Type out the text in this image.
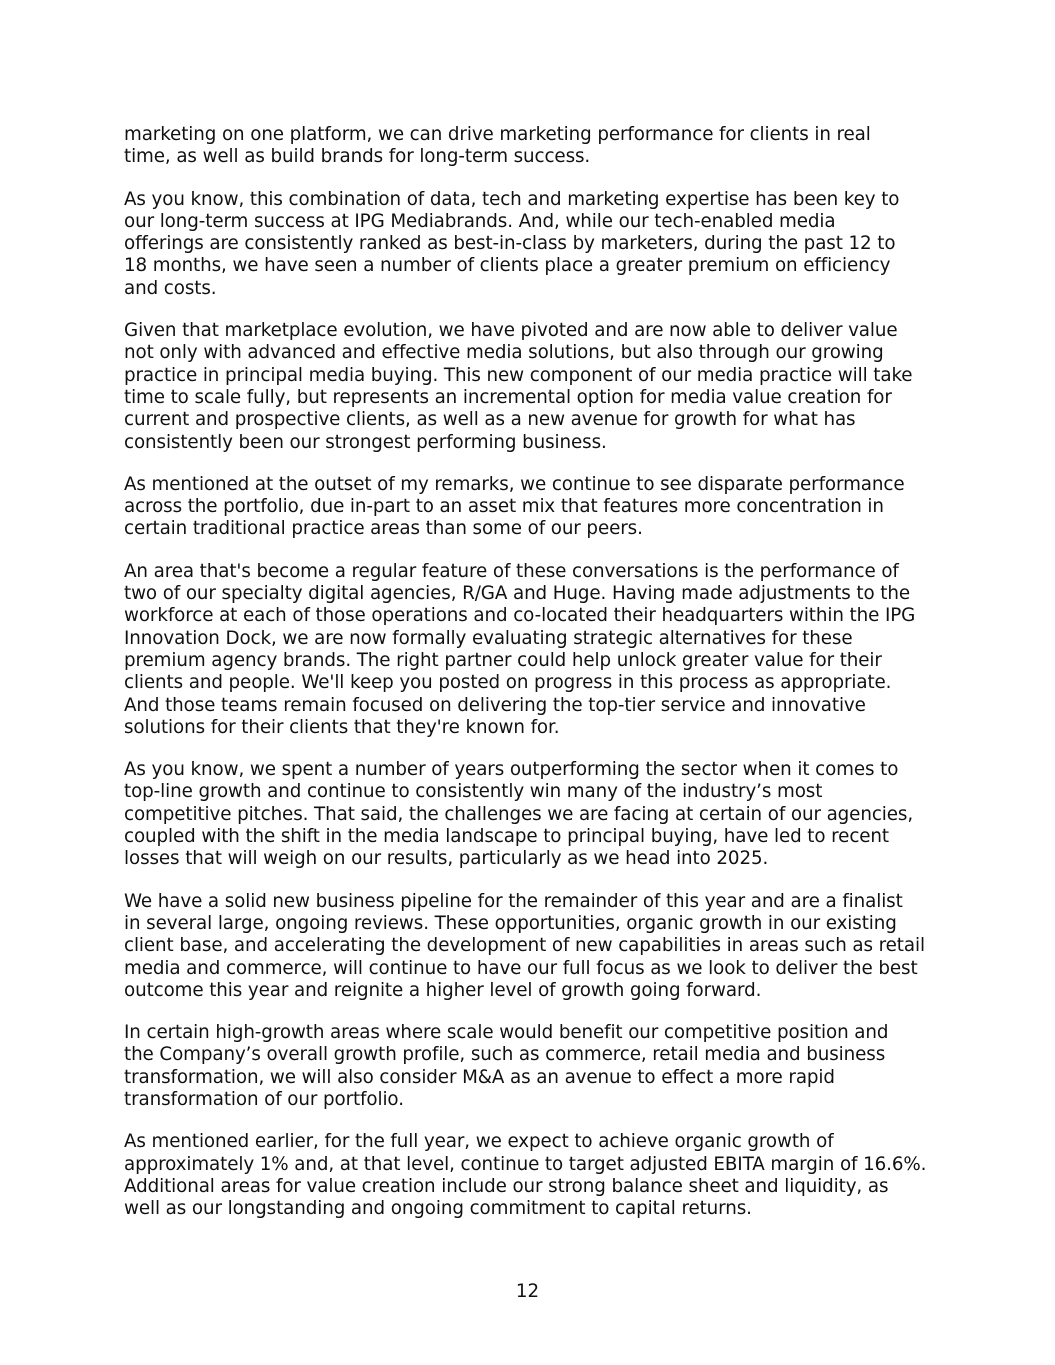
marketing on one platform, we can drive marketing performance for clients in real
time, as well as build brands for long-term success.

As you know, this combination of data, tech and marketing expertise has been key to
our long-term success at IPG Mediabrands. And, while our tech-enabled media
offerings are consistently ranked as best-in-class by marketers, during the past 12 to
18 months, we have seen a number of clients place a greater premium on efficiency
and costs.

Given that marketplace evolution, we have pivoted and are now able to deliver value
not only with advanced and effective media solutions, but also through our growing
practice in principal media buying. This new component of our media practice will take
time to scale fully, but represents an incremental option for media value creation for
current and prospective clients, as well as a new avenue for growth for what has
consistently been our strongest performing business.

As mentioned at the outset of my remarks, we continue to see disparate performance
across the portfolio, due in-part to an asset mix that features more concentration in
certain traditional practice areas than some of our peers.

An area that's become a regular feature of these conversations is the performance of
two of our specialty digital agencies, R/GA and Huge. Having made adjustments to the
workforce at each of those operations and co-located their headquarters within the IPG
Innovation Dock, we are now formally evaluating strategic alternatives for these
premium agency brands. The right partner could help unlock greater value for their
clients and people. We'll keep you posted on progress in this process as appropriate.
And those teams remain focused on delivering the top-tier service and innovative
solutions for their clients that they're known for.

As you know, we spent a number of years outperforming the sector when it comes to
top-line growth and continue to consistently win many of the industry’s most
competitive pitches. That said, the challenges we are facing at certain of our agencies,
coupled with the shift in the media landscape to principal buying, have led to recent
losses that will weigh on our results, particularly as we head into 2025.

We have a solid new business pipeline for the remainder of this year and are a finalist
in several large, ongoing reviews. These opportunities, organic growth in our existing
client base, and accelerating the development of new capabilities in areas such as retail
media and commerce, will continue to have our full focus as we look to deliver the best
outcome this year and reignite a higher level of growth going forward.

In certain high-growth areas where scale would benefit our competitive position and
the Company’s overall growth profile, such as commerce, retail media and business
transformation, we will also consider M&A as an avenue to effect a more rapid
transformation of our portfolio.

As mentioned earlier, for the full year, we expect to achieve organic growth of
approximately 1% and, at that level, continue to target adjusted EBITA margin of 16.6%.
Additional areas for value creation include our strong balance sheet and liquidity, as
well as our longstanding and ongoing commitment to capital returns.

12
